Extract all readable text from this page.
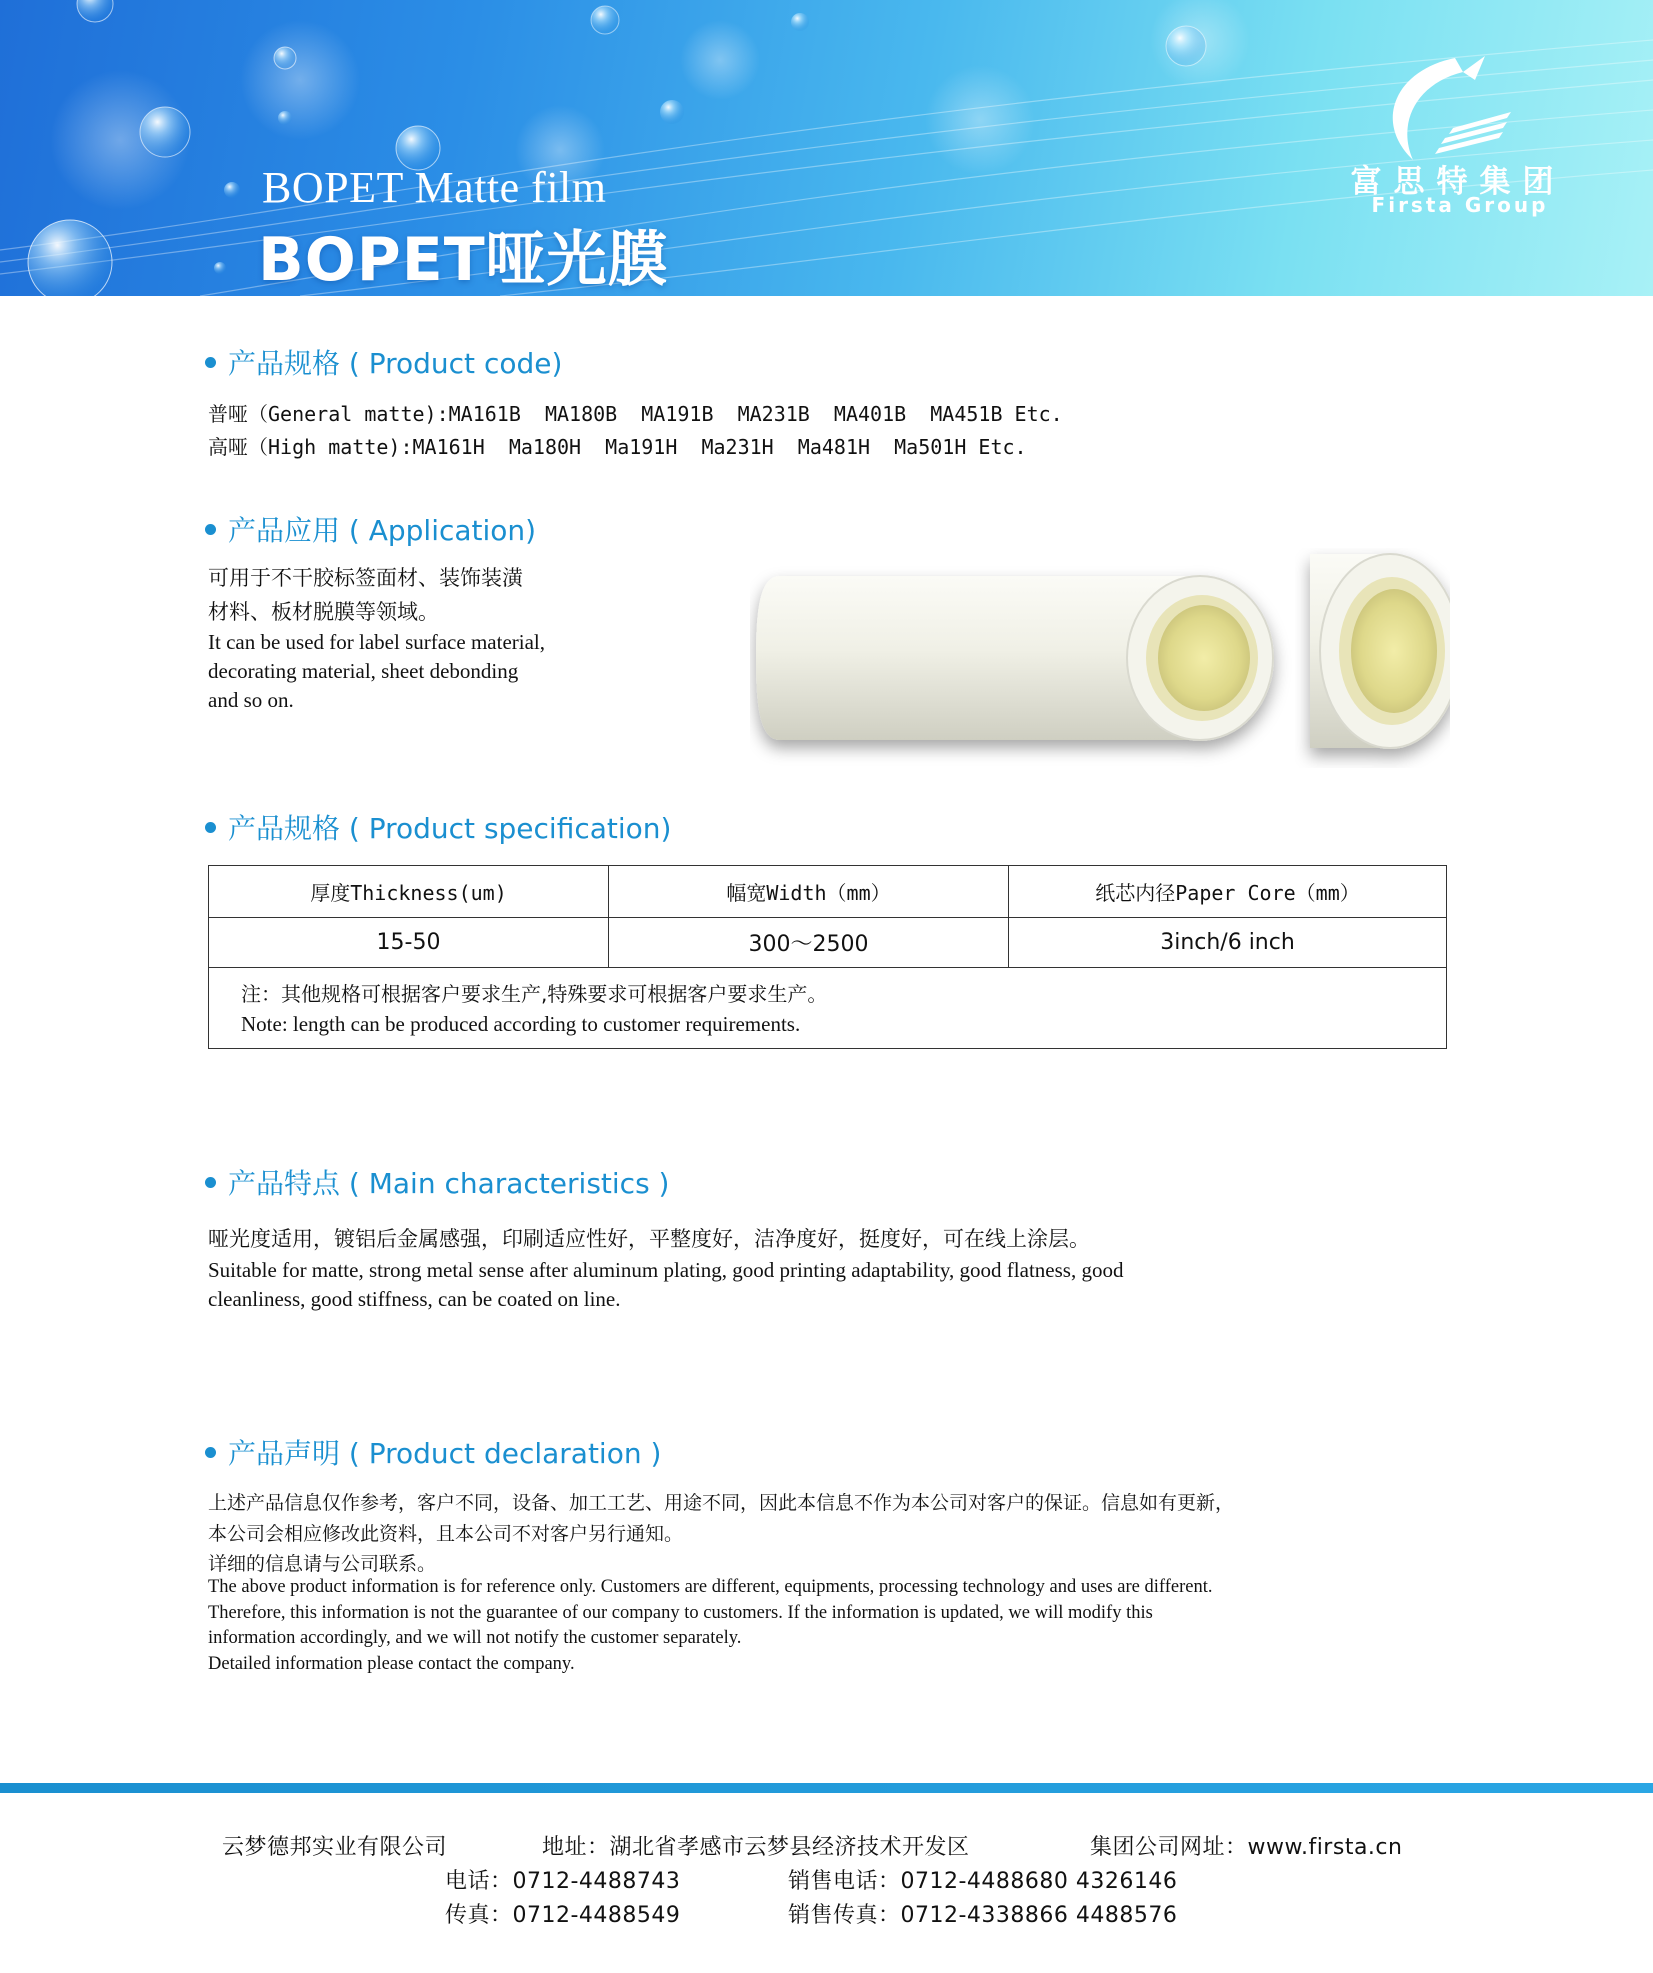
BOPET Matte film
BOPET哑光膜
富思特集团
Firsta Group
产品规格 ( Product code)
普哑（General matte):MA161B  MA180B  MA191B  MA231B  MA401B  MA451B Etc.
高哑（High matte):MA161H  Ma180H  Ma191H  Ma231H  Ma481H  Ma501H Etc.
产品应用 ( Application)
可用于不干胶标签面材、装饰装潢
材料、板材脱膜等领域。
It can be used for label surface material,
decorating material, sheet debonding
and so on.
产品规格 ( Product specification)
厚度Thickness(um)	幅宽Width（mm）	纸芯内径Paper Core（mm）
15-50	300～2500	3inch/6 inch

注：其他规格可根据客户要求生产,特殊要求可根据客户要求生产。
Note: length can be produced according to customer requirements.		
产品特点 ( Main characteristics )
哑光度适用，镀铝后金属感强，印刷适应性好，平整度好，洁净度好，挺度好，可在线上涂层。
Suitable for matte, strong metal sense after aluminum plating, good printing adaptability, good flatness, good
cleanliness, good stiffness, can be coated on line.
产品声明 ( Product declaration )
上述产品信息仅作参考，客户不同，设备、加工工艺、用途不同，因此本信息不作为本公司对客户的保证。信息如有更新，
本公司会相应修改此资料，且本公司不对客户另行通知。
详细的信息请与公司联系。
The above product information is for reference only. Customers are different, equipments, processing technology and uses are different.
Therefore, this information is not the guarantee of our company to customers. If the information is updated, we will modify this
information accordingly, and we will not notify the customer separately.
Detailed information please contact the company.
云梦德邦实业有限公司	地址：湖北省孝感市云梦县经济技术开发区	集团公司网址：www.firsta.cn
电话：0712-4488743	销售电话：0712-4488680 4326146
传真：0712-4488549	销售传真：0712-4338866 4488576
